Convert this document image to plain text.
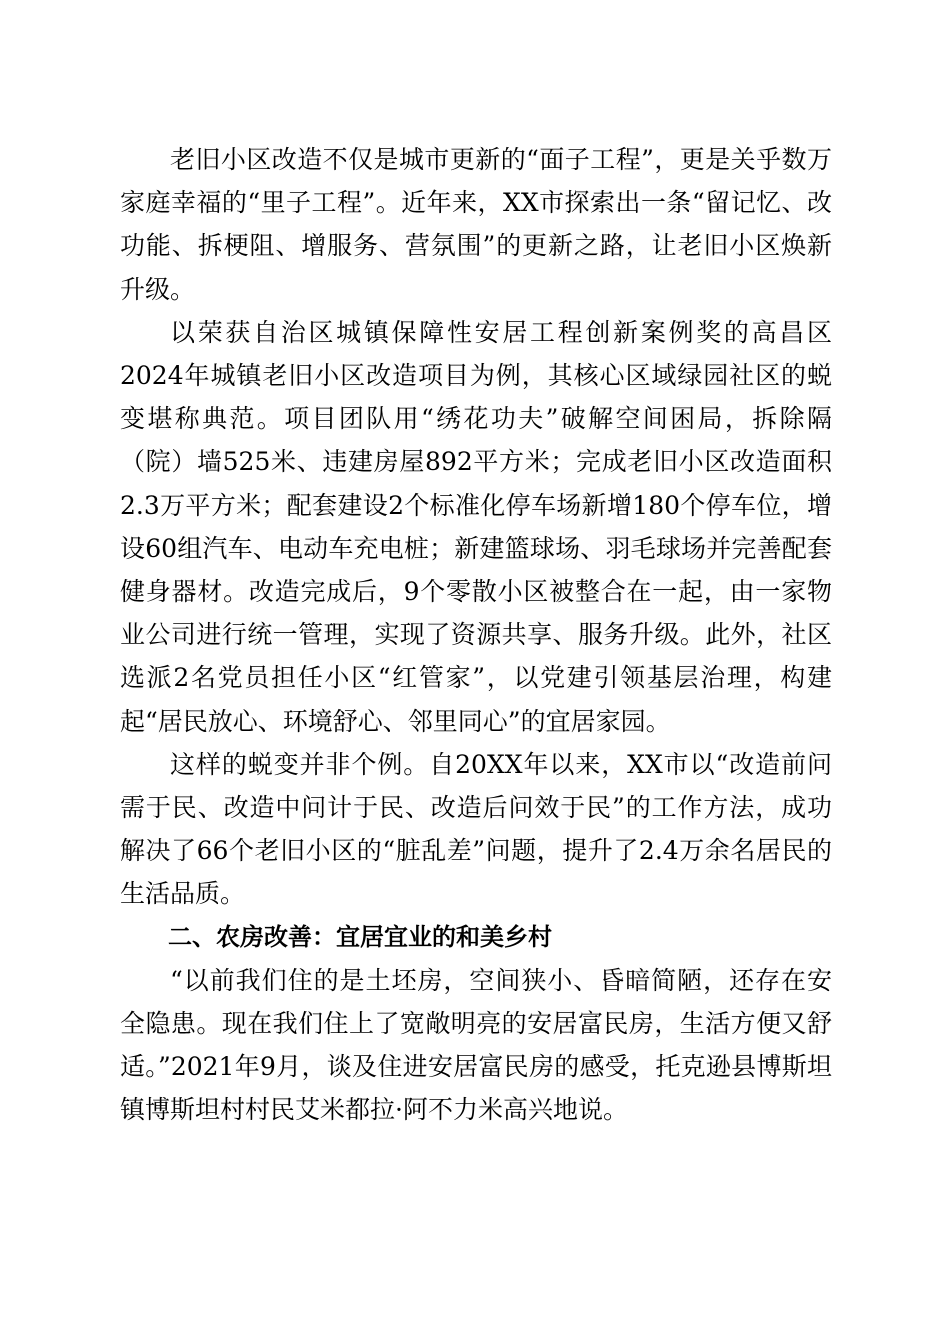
老旧小区改造不仅是城市更新的“面子工程”，更是关乎数万家庭幸福的“里子工程”。近年来，XX市探索出一条“留记忆、改功能、拆梗阻、增服务、营氛围”的更新之路，让老旧小区焕新升级。

以荣获自治区城镇保障性安居工程创新案例奖的高昌区2024年城镇老旧小区改造项目为例，其核心区域绿园社区的蜕变堪称典范。项目团队用“绣花功夫”破解空间困局，拆除隔（院）墙525米、违建房屋892平方米；完成老旧小区改造面积2.3万平方米；配套建设2个标准化停车场新增180个停车位，增设60组汽车、电动车充电桩；新建篮球场、羽毛球场并完善配套健身器材。改造完成后，9个零散小区被整合在一起，由一家物业公司进行统一管理，实现了资源共享、服务升级。此外，社区选派2名党员担任小区“红管家”，以党建引领基层治理，构建起“居民放心、环境舒心、邻里同心”的宜居家园。

这样的蜕变并非个例。自20XX年以来，XX市以“改造前问需于民、改造中问计于民、改造后问效于民”的工作方法，成功解决了66个老旧小区的“脏乱差”问题，提升了2.4万余名居民的生活品质。

二、农房改善：宜居宜业的和美乡村

“以前我们住的是土坯房，空间狭小、昏暗简陋，还存在安全隐患。现在我们住上了宽敞明亮的安居富民房，生活方便又舒适。”2021年9月，谈及住进安居富民房的感受，托克逊县博斯坦镇博斯坦村村民艾米都拉·阿不力米高兴地说。
